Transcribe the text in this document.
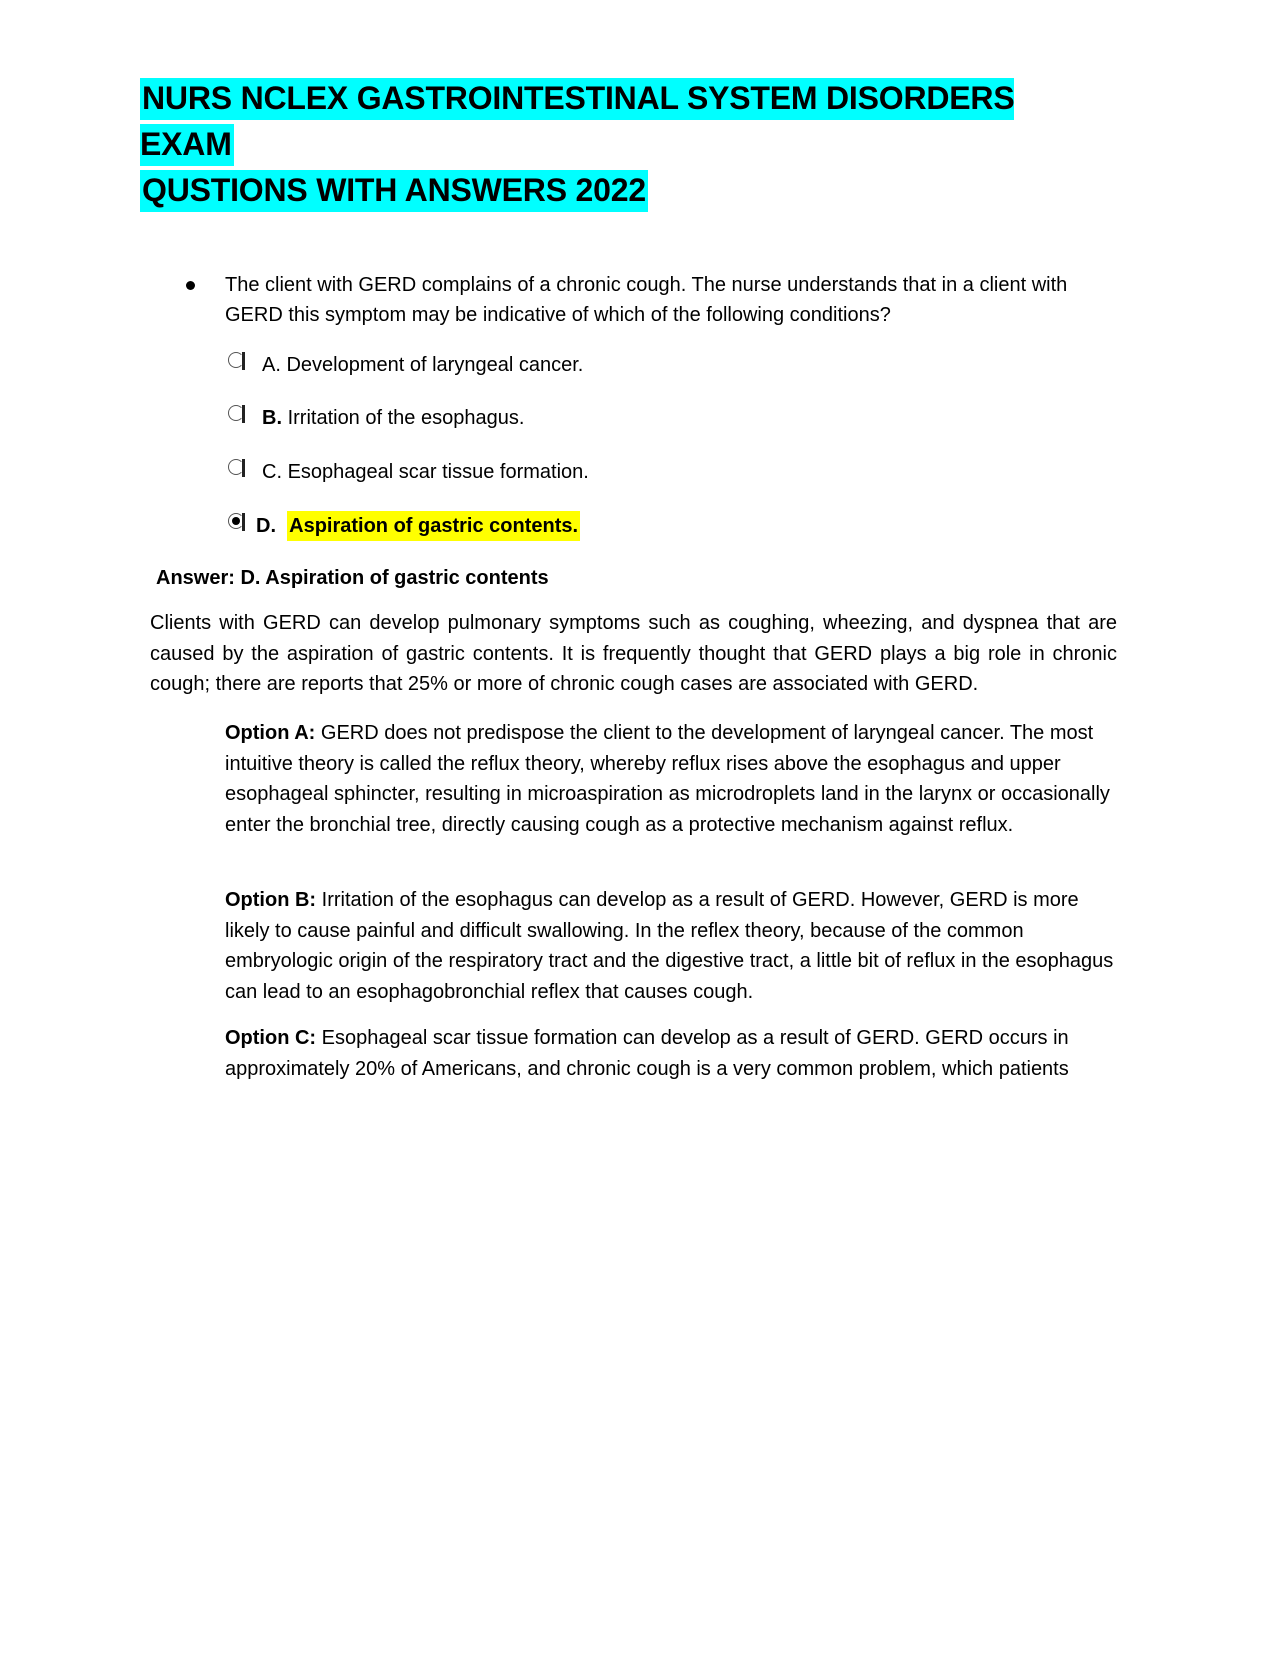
NURS NCLEX GASTROINTESTINAL SYSTEM DISORDERS EXAM
QUSTIONS WITH ANSWERS 2022
The client with GERD complains of a chronic cough. The nurse understands that in a client with GERD this symptom may be indicative of which of the following conditions?
A.
Development of laryngeal cancer.
B.
Irritation of the esophagus.
C.
Esophageal scar tissue formation.
D.
Aspiration of gastric contents.
Answer: D. Aspiration of gastric contents
Clients with GERD can develop pulmonary symptoms such as coughing, wheezing, and dyspnea that are caused by the aspiration of gastric contents. It is frequently thought that GERD plays a big role in chronic cough; there are reports that 25% or more of chronic cough cases are associated with GERD.
Option A: GERD does not predispose the client to the development of laryngeal cancer. The most intuitive theory is called the reflux theory, whereby reflux rises above the esophagus and upper esophageal sphincter, resulting in microaspiration as microdroplets land in the larynx or occasionally enter the bronchial tree, directly causing cough as a protective mechanism against reflux.
Option B: Irritation of the esophagus can develop as a result of GERD. However, GERD is more likely to cause painful and difficult swallowing. In the reflex theory, because of the common embryologic origin of the respiratory tract and the digestive tract, a little bit of reflux in the esophagus can lead to an esophagobronchial reflex that causes cough.
Option C: Esophageal scar tissue formation can develop as a result of GERD. GERD occurs in approximately 20% of Americans, and chronic cough is a very common problem, which patients
